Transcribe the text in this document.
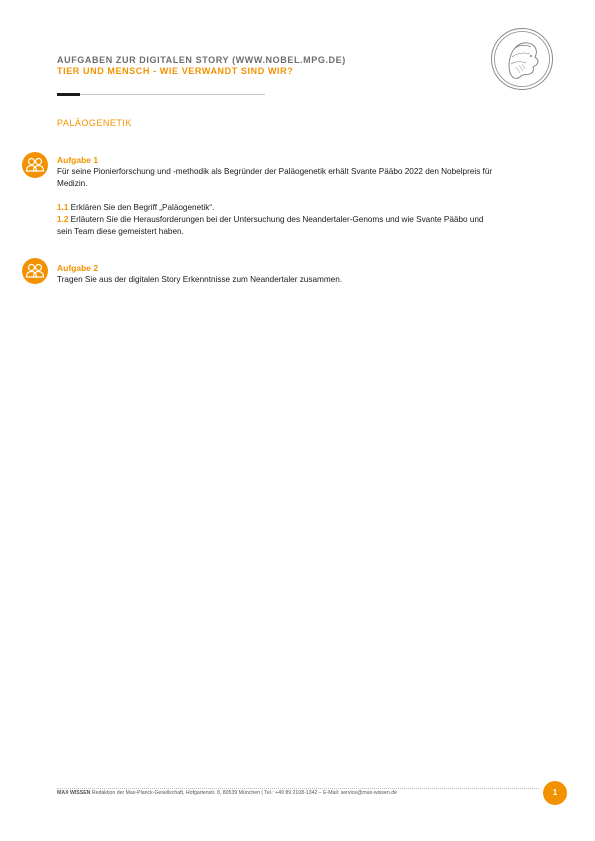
AUFGABEN ZUR DIGITALEN STORY (WWW.NOBEL.MPG.DE)
TIER UND MENSCH - WIE VERWANDT SIND WIR?
PALÄOGENETIK
Aufgabe 1
Für seine Pionierforschung und -methodik als Begründer der Paläogenetik erhält Svante Pääbo 2022 den Nobelpreis für Medizin.
1.1 Erklären Sie den Begriff „Paläogenetik“.
1.2 Erläutern Sie die Herausforderungen bei der Untersuchung des Neandertaler-Genoms und wie Svante Pääbo und sein Team diese gemeistert haben.
Aufgabe 2
Tragen Sie aus der digitalen Story Erkenntnisse zum Neandertaler zusammen.
MAX WISSEN Redaktion der Max-Planck-Gesellschaft, Hofgartenstr. 8, 80539 München | Tel.: +49 89 2108-1342 – E-Mail: service@max-wissen.de	1
